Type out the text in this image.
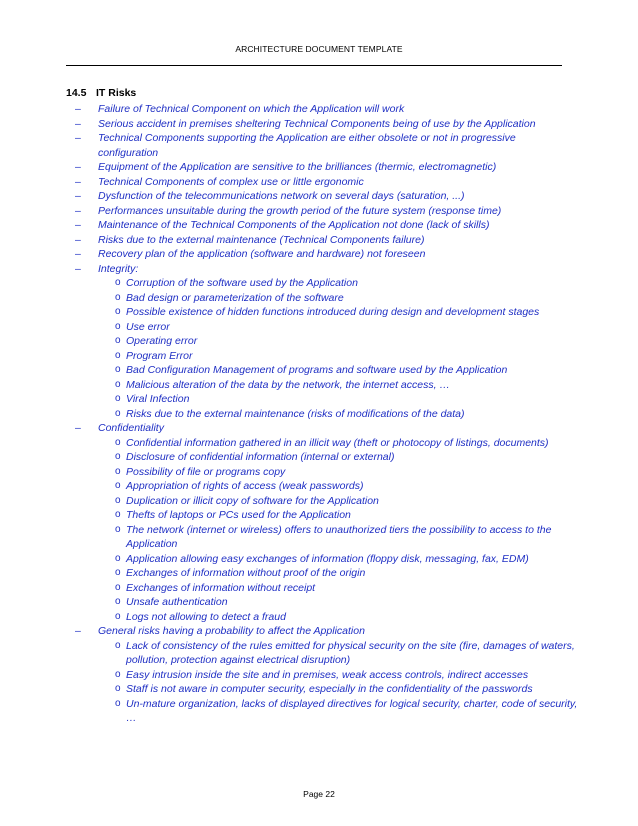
ARCHITECTURE DOCUMENT TEMPLATE
14.5 IT Risks
– Failure of Technical Component on which the Application will work
– Serious accident in premises sheltering Technical Components being of use by the Application
– Technical Components supporting the Application are either obsolete or not in progressive configuration
– Equipment of the Application are sensitive to the brilliances (thermic, electromagnetic)
– Technical Components of complex use or little ergonomic
– Dysfunction of the telecommunications network on several days (saturation, ...)
– Performances unsuitable during the growth period of the future system (response time)
– Maintenance of the Technical Components of the Application not done (lack of skills)
– Risks due to the external maintenance (Technical Components failure)
– Recovery plan of the application (software and hardware) not foreseen
– Integrity:
o Corruption of the software used by the Application
o Bad design or parameterization of the software
o Possible existence of hidden functions introduced during design and development stages
o Use error
o Operating error
o Program Error
o Bad Configuration Management of programs and software used by the Application
o Malicious alteration of the data by the network, the internet access, …
o Viral Infection
o Risks due to the external maintenance (risks of modifications of the data)
– Confidentiality
o Confidential information gathered in an illicit way (theft or photocopy of listings, documents)
o Disclosure of confidential information (internal or external)
o Possibility of file or programs copy
o Appropriation of rights of access (weak passwords)
o Duplication or illicit copy of software for the Application
o Thefts of laptops or PCs used for the Application
o The network (internet or wireless) offers to unauthorized tiers the possibility to access to the Application
o Application allowing easy exchanges of information (floppy disk, messaging, fax, EDM)
o Exchanges of information without proof of the origin
o Exchanges of information without receipt
o Unsafe authentication
o Logs not allowing to detect a fraud
– General risks having a probability to affect the Application
o Lack of consistency of the rules emitted for physical security on the site (fire, damages of waters, pollution, protection against electrical disruption)
o Easy intrusion inside the site and in premises, weak access controls, indirect accesses
o Staff is not aware in computer security, especially in the confidentiality of the passwords
o Un-mature organization, lacks of displayed directives for logical security, charter, code of security, …
Page 22
